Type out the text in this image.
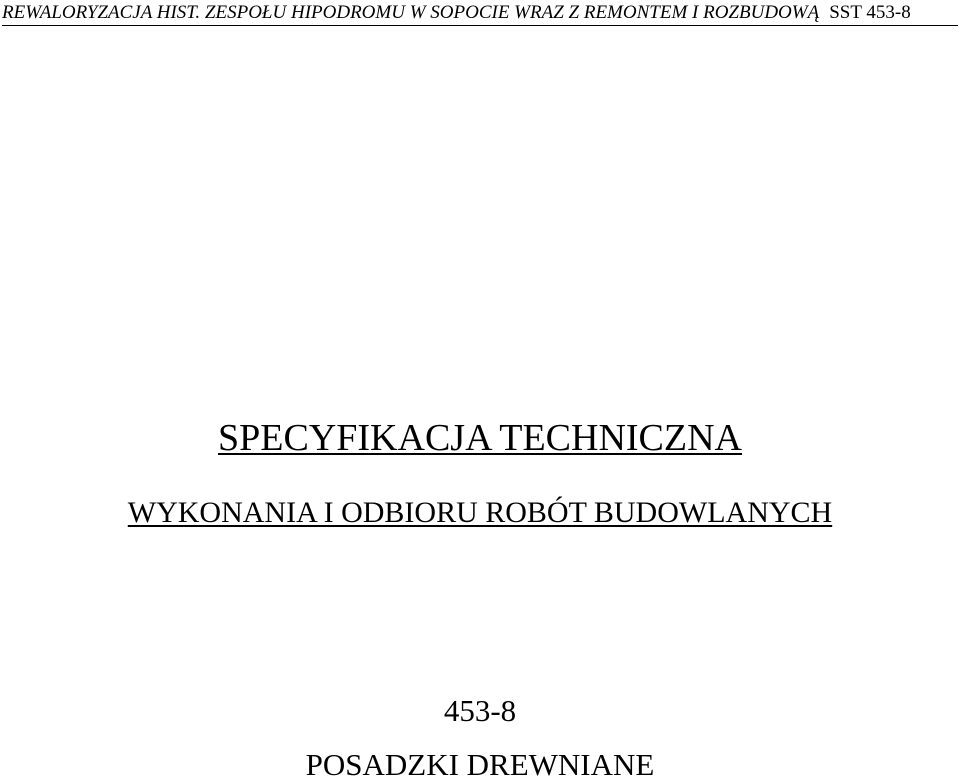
REWALORYZACJA HIST. ZESPOŁU HIPODROMU W SOPOCIE WRAZ Z REMONTEM I ROZBUDOWĄ SST 453-8
SPECYFIKACJA TECHNICZNA
WYKONANIA I ODBIORU ROBÓT BUDOWLANYCH
453-8
POSADZKI DREWNIANE
